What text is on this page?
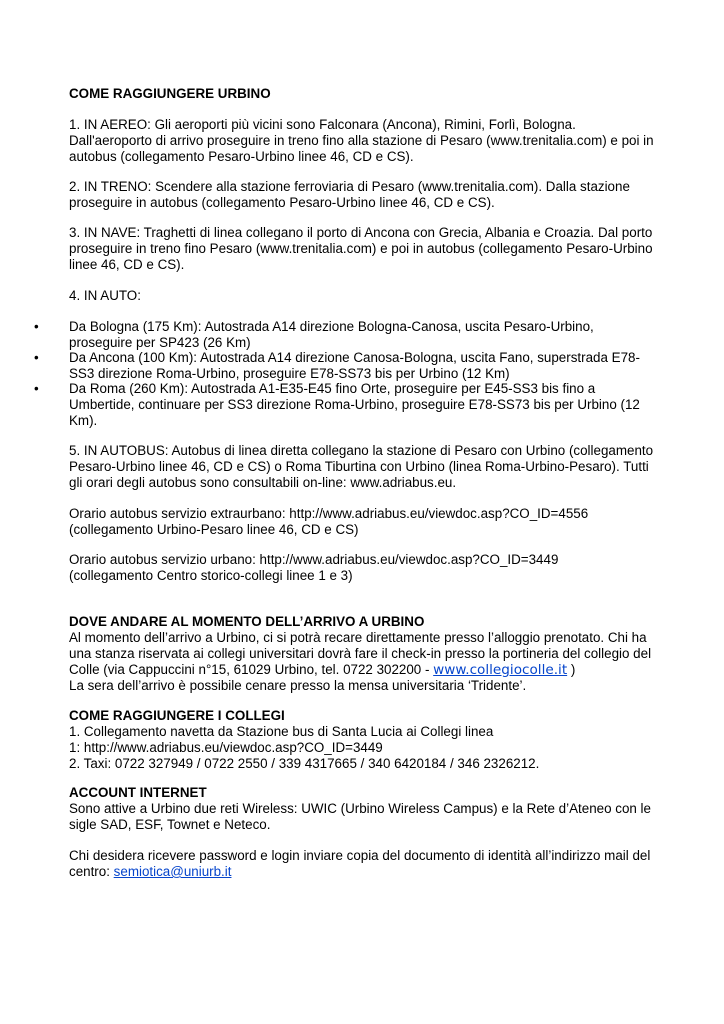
COME RAGGIUNGERE URBINO

1. IN AEREO: Gli aeroporti più vicini sono Falconara (Ancona), Rimini, Forlì, Bologna.
Dall'aeroporto di arrivo proseguire in treno fino alla stazione di Pesaro (www.trenitalia.com) e poi in autobus (collegamento Pesaro-Urbino linee 46, CD e CS).

2. IN TRENO: Scendere alla stazione ferroviaria di Pesaro (www.trenitalia.com). Dalla stazione proseguire in autobus (collegamento Pesaro-Urbino linee 46, CD e CS).

3. IN NAVE: Traghetti di linea collegano il porto di Ancona con Grecia, Albania e Croazia. Dal porto proseguire in treno fino Pesaro (www.trenitalia.com) e poi in autobus (collegamento Pesaro-Urbino linee 46, CD e CS).

4. IN AUTO:

• Da Bologna (175 Km): Autostrada A14 direzione Bologna-Canosa, uscita Pesaro-Urbino, proseguire per SP423 (26 Km)
• Da Ancona (100 Km): Autostrada A14 direzione Canosa-Bologna, uscita Fano, superstrada E78-SS3 direzione Roma-Urbino, proseguire E78-SS73 bis per Urbino (12 Km)
• Da Roma (260 Km): Autostrada A1-E35-E45 fino Orte, proseguire per E45-SS3 bis fino a Umbertide, continuare per SS3 direzione Roma-Urbino, proseguire E78-SS73 bis per Urbino (12 Km).

5. IN AUTOBUS: Autobus di linea diretta collegano la stazione di Pesaro con Urbino (collegamento Pesaro-Urbino linee 46, CD e CS) o Roma Tiburtina con Urbino (linea Roma-Urbino-Pesaro). Tutti gli orari degli autobus sono consultabili on-line: www.adriabus.eu.

Orario autobus servizio extraurbano: http://www.adriabus.eu/viewdoc.asp?CO_ID=4556
(collegamento Urbino-Pesaro linee 46, CD e CS)
Orario autobus servizio urbano: http://www.adriabus.eu/viewdoc.asp?CO_ID=3449
(collegamento Centro storico-collegi linee 1 e 3)
DOVE ANDARE AL MOMENTO DELL’ARRIVO A URBINO
Al momento dell’arrivo a Urbino, ci si potrà recare direttamente presso l’alloggio prenotato. Chi ha una stanza riservata ai collegi universitari dovrà fare il check-in presso la portineria del collegio del Colle (via Cappuccini n°15, 61029 Urbino, tel. 0722 302200 - www.collegiocolle.it )
La sera dell’arrivo è possibile cenare presso la mensa universitaria ‘Tridente’.
COME RAGGIUNGERE I COLLEGI
1. Collegamento navetta da Stazione bus di Santa Lucia ai Collegi linea
1: http://www.adriabus.eu/viewdoc.asp?CO_ID=3449
2. Taxi: 0722 327949 / 0722 2550 / 339 4317665 / 340 6420184 / 346 2326212.
ACCOUNT INTERNET
Sono attive a Urbino due reti Wireless: UWIC (Urbino Wireless Campus) e la Rete d’Ateneo con le sigle SAD, ESF, Townet e Neteco.
Chi desidera ricevere password e login inviare copia del documento di identità all’indirizzo mail del centro: semiotica@uniurb.it
